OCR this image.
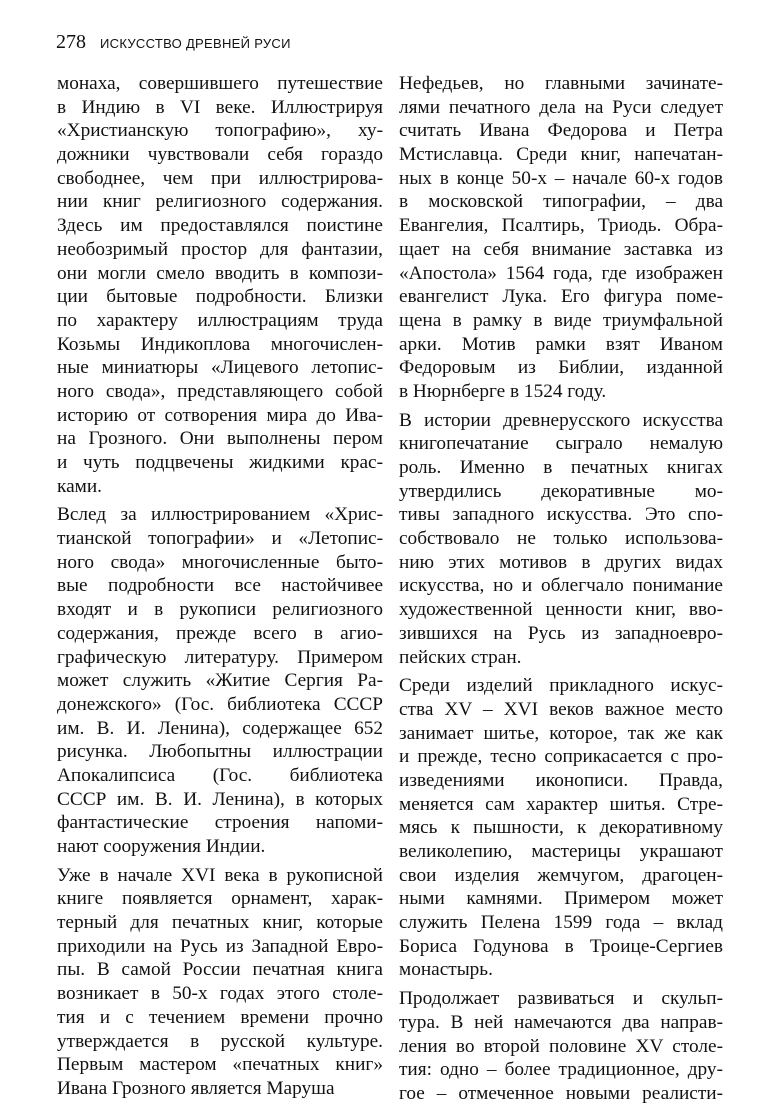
278 ИСКУССТВО ДРЕВНЕЙ РУСИ
монаха, совершившего путешествие
в Индию в VI веке. Иллюстрируя
«Христианскую топографию», ху-
дожники чувствовали себя гораздо
свободнее, чем при иллюстрирова-
нии книг религиозного содержания.
Здесь им предоставлялся поистине
необозримый простор для фантазии,
они могли смело вводить в компози-
ции бытовые подробности. Близки
по характеру иллюстрациям труда
Козьмы Индикоплова многочислен-
ные миниатюры «Лицевого летопис-
ного свода», представляющего собой
историю от сотворения мира до Ива-
на Грозного. Они выполнены пером
и чуть подцвечены жидкими крас-
ками.
Вслед за иллюстрированием «Хрис-
тианской топографии» и «Летопис-
ного свода» многочисленные быто-
вые подробности все настойчивее
входят и в рукописи религиозного
содержания, прежде всего в агио-
графическую литературу. Примером
может служить «Житие Сергия Ра-
донежского» (Гос. библиотека СССР
им. В. И. Ленина), содержащее 652
рисунка. Любопытны иллюстрации
Апокалипсиса (Гос. библиотека
СССР им. В. И. Ленина), в которых
фантастические строения напоми-
нают сооружения Индии.
Уже в начале XVI века в рукописной
книге появляется орнамент, харак-
терный для печатных книг, которые
приходили на Русь из Западной Евро-
пы. В самой России печатная книга
возникает в 50-х годах этого столе-
тия и с течением времени прочно
утверждается в русской культуре.
Первым мастером «печатных книг»
Ивана Грозного является Маруша
Нефедьев, но главными зачинате-
лями печатного дела на Руси следует
считать Ивана Федорова и Петра
Мстиславца. Среди книг, напечатан-
ных в конце 50-х – начале 60-х годов
в московской типографии, – два
Евангелия, Псалтирь, Триодь. Обра-
щает на себя внимание заставка из
«Апостола» 1564 года, где изображен
евангелист Лука. Его фигура поме-
щена в рамку в виде триумфальной
арки. Мотив рамки взят Иваном
Федоровым из Библии, изданной
в Нюрнберге в 1524 году.
В истории древнерусского искусства
книгопечатание сыграло немалую
роль. Именно в печатных книгах
утвердились декоративные мо-
тивы западного искусства. Это спо-
собствовало не только использова-
нию этих мотивов в других видах
искусства, но и облегчало понимание
художественной ценности книг, вво-
зившихся на Русь из западноевро-
пейских стран.
Среди изделий прикладного искус-
ства XV – XVI веков важное место
занимает шитье, которое, так же как
и прежде, тесно соприкасается с про-
изведениями иконописи. Правда,
меняется сам характер шитья. Стре-
мясь к пышности, к декоративному
великолепию, мастерицы украшают
свои изделия жемчугом, драгоцен-
ными камнями. Примером может
служить Пелена 1599 года – вклад
Бориса Годунова в Троице-Сергиев
монастырь.
Продолжает развиваться и скульп-
тура. В ней намечаются два направ-
ления во второй половине XV столе-
тия: одно – более традиционное, дру-
гое – отмеченное новыми реалисти-
